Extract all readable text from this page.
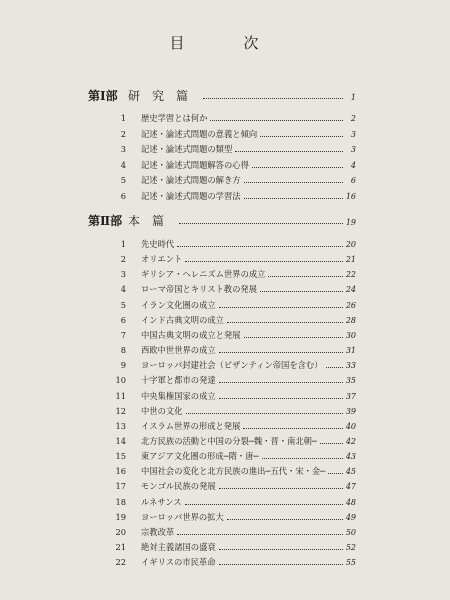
目　次
第Ⅰ部 研究篇	1
1 歴史学習とは何か	2
2 記述・論述式問題の意義と傾向	3
3 記述・論述式問題の類型	3
4 記述・論述式問題解答の心得	4
5 記述・論述式問題の解き方	6
6 記述・論述式問題の学習法	16
第Ⅱ部 本篇	19
1 先史時代	20
2 オリエント	21
3 ギリシア・ヘレニズム世界の成立	22
4 ローマ帝国とキリスト教の発展	24
5 イラン文化圏の成立	26
6 インド古典文明の成立	28
7 中国古典文明の成立と発展	30
8 西欧中世世界の成立	31
9 ヨーロッパ封建社会（ビザンティン帝国を含む）	33
10 十字軍と都市の発達	35
11 中央集権国家の成立	37
12 中世の文化	39
13 イスラム世界の形成と発展	40
14 北方民族の活動と中国の分裂─魏・晋・南北朝─	42
15 東アジア文化圏の形成─隋・唐─	43
16 中国社会の変化と北方民族の進出─五代・宋・金─	45
17 モンゴル民族の発展	47
18 ルネサンス	48
19 ヨーロッパ世界の拡大	49
20 宗教改革	50
21 絶対主義諸国の盛衰	52
22 イギリスの市民革命	55
